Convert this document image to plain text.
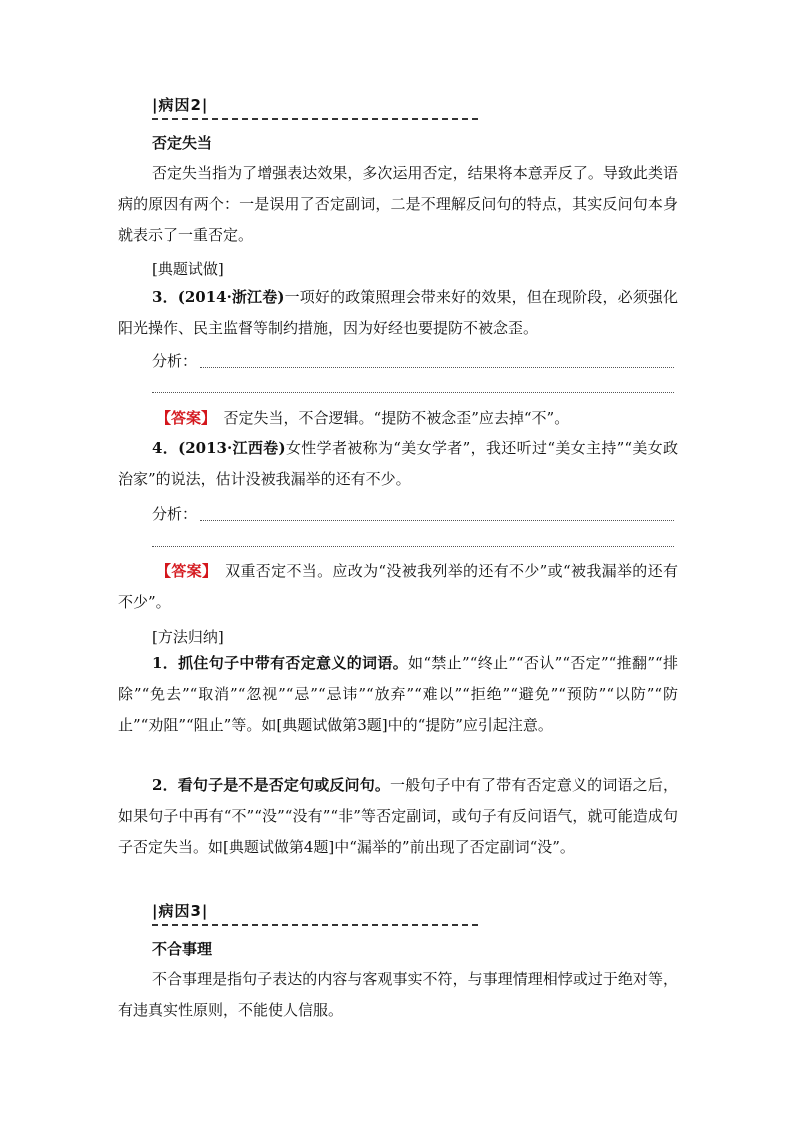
|病因2|
否定失当

否定失当指为了增强表达效果，多次运用否定，结果将本意弄反了。导致此类语病的原因有两个：一是误用了否定副词，二是不理解反问句的特点，其实反问句本身就表示了一重否定。

[典题试做]

3．(2014·浙江卷)一项好的政策照理会带来好的效果，但在现阶段，必须强化阳光操作、民主监督等制约措施，因为好经也要提防不被念歪。

分析：

【答案】　 否定失当，不合逻辑。“提防不被念歪”应去掉“不”。

4．(2013·江西卷)女性学者被称为“美女学者”，我还听过“美女主持”“美女政治家”的说法，估计没被我漏举的还有不少。

分析：

【答案】　 双重否定不当。应改为“没被我列举的还有不少”或“被我漏举的还有不少”。

[方法归纳]

1．抓住句子中带有否定意义的词语。如“禁止”“终止”“否认”“否定”“推翻”“排除”“免去”“取消”“忽视”“忌”“忌讳”“放弃”“难以”“拒绝”“避免”“预防”“以防”“防止”“劝阻”“阻止”等。如[典题试做第3题]中的“提防”应引起注意。

2．看句子是不是否定句或反问句。一般句子中有了带有否定意义的词语之后，如果句子中再有“不”“没”“没有”“非”等否定副词，或句子有反问语气，就可能造成句子否定失当。如[典题试做第4题]中“漏举的”前出现了否定副词“没”。

|病因3|
不合事理

不合事理是指句子表达的内容与客观事实不符，与事理情理相悖或过于绝对等，有违真实性原则，不能使人信服。
